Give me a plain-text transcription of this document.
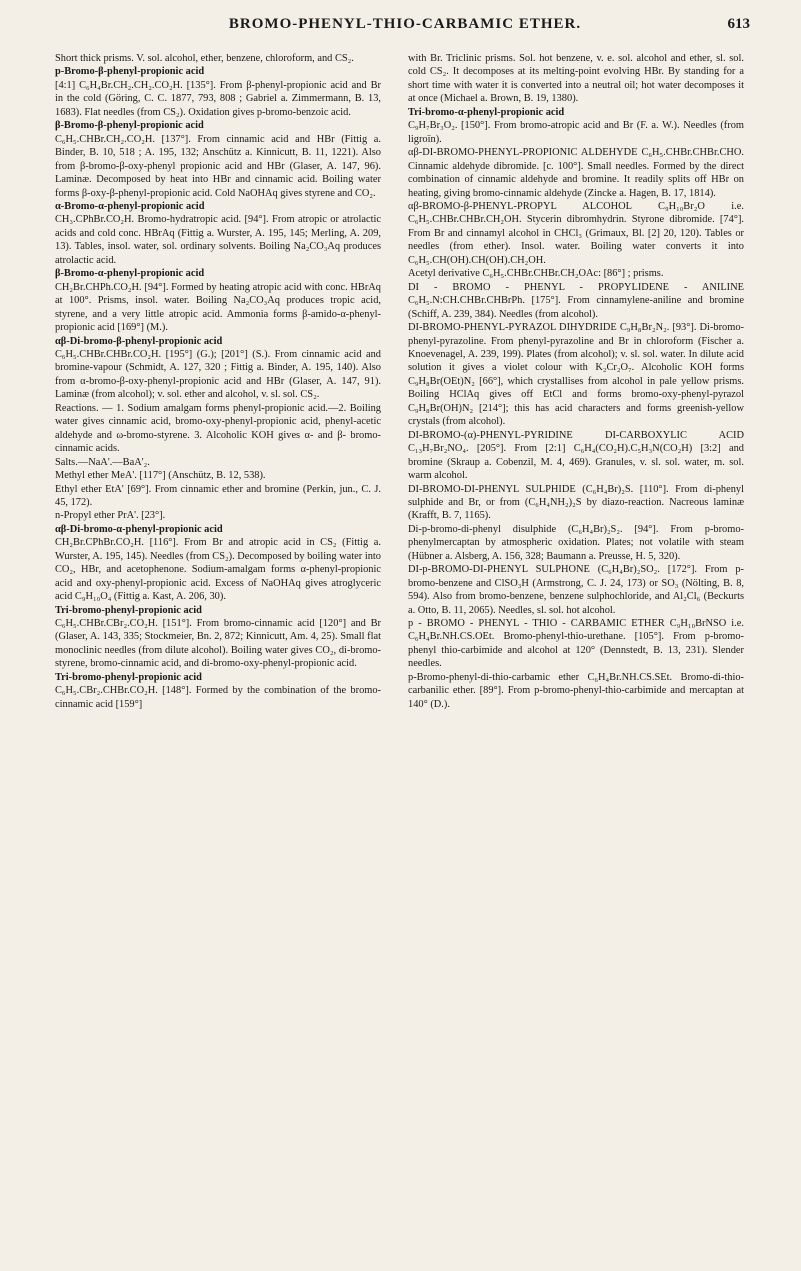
BROMO-PHENYL-THIO-CARBAMIC ETHER.	613

Short thick prisms. V. sol. alcohol, ether, benzene, chloroform, and CS₂.

p-Bromo-β-phenyl-propionic acid

[4:1] C₆H₄Br.CH₂.CH₂.CO₂H. [135°]. From β-phenyl-propionic acid and Br in the cold (Göring, C. C. 1877, 793, 808 ; Gabriel a. Zimmermann, B. 13, 1683). Flat needles (from CS₂). Oxidation gives p-bromo-benzoic acid.

β-Bromo-β-phenyl-propionic acid

C₆H₅.CHBr.CH₂.CO₂H. [137°]. From cinnamic acid and HBr (Fittig a. Binder, B. 10, 518 ; A. 195, 132; Anschütz a. Kinnicutt, B. 11, 1221). Also from β-bromo-β-oxy-phenyl propionic acid and HBr (Glaser, A. 147, 96). Laminæ. Decomposed by heat into HBr and cinnamic acid. Boiling water forms β-oxy-β-phenyl-propionic acid. Cold NaOHAq gives styrene and CO₂.

α-Bromo-α-phenyl-propionic acid

CH₃.CPhBr.CO₂H. Bromo-hydratropic acid. [94°]. From atropic or atrolactic acids and cold conc. HBrAq (Fittig a. Wurster, A. 195, 145; Merling, A. 209, 13). Tables, insol. water, sol. ordinary solvents. Boiling Na₂CO₃Aq produces atrolactic acid.

β-Bromo-α-phenyl-propionic acid

CH₂Br.CHPh.CO₂H. [94°]. Formed by heating atropic acid with conc. HBrAq at 100°. Prisms, insol. water. Boiling Na₂CO₃Aq produces tropic acid, styrene, and a very little atropic acid. Ammonia forms β-amido-α-phenyl-propionic acid [169°] (M.).

αβ-Di-bromo-β-phenyl-propionic acid

C₆H₅.CHBr.CHBr.CO₂H. [195°] (G.); [201°] (S.). From cinnamic acid and bromine-vapour (Schmidt, A. 127, 320 ; Fittig a. Binder, A. 195, 140). Also from α-bromo-β-oxy-phenyl-propionic acid and HBr (Glaser, A. 147, 91). Laminæ (from alcohol); v. sol. ether and alcohol, v. sl. sol. CS₂.

Reactions. — 1. Sodium amalgam forms phenyl-propionic acid.—2. Boiling water gives cinnamic acid, bromo-oxy-phenyl-propionic acid, phenyl-acetic aldehyde and ω-bromo-styrene. 3. Alcoholic KOH gives α- and β- bromo-cinnamic acids.

Salts.—NaA'.—BaA'₂.

Methyl ether MeA'. [117°] (Anschütz, B. 12, 538).

Ethyl ether EtA' [69°]. From cinnamic ether and bromine (Perkin, jun., C. J. 45, 172).

n-Propyl ether PrA'. [23°].

αβ-Di-bromo-α-phenyl-propionic acid

CH₂Br.CPhBr.CO₂H. [116°]. From Br and atropic acid in CS₂ (Fittig a. Wurster, A. 195, 145). Needles (from CS₂). Decomposed by boiling water into CO₂, HBr, and acetophenone. Sodium-amalgam forms α-phenyl-propionic acid and oxy-phenyl-propionic acid. Excess of NaOHAq gives atroglyceric acid C₉H₁₀O₄ (Fittig a. Kast, A. 206, 30).

Tri-bromo-phenyl-propionic acid

C₆H₅.CHBr.CBr₂.CO₂H. [151°]. From bromo-cinnamic acid [120°] and Br (Glaser, A. 143, 335; Stockmeier, Bn. 2, 872; Kinnicutt, Am. 4, 25). Small flat monoclinic needles (from dilute alcohol). Boiling water gives CO₂, di-bromo-styrene, bromo-cinnamic acid, and di-bromo-oxy-phenyl-propionic acid.

Tri-bromo-phenyl-propionic acid

C₆H₅.CBr₂.CHBr.CO₂H. [148°]. Formed by the combination of the bromo-cinnamic acid [159°]

with Br. Triclinic prisms. Sol. hot benzene, v. e. sol. alcohol and ether, sl. sol. cold CS₂. It decomposes at its melting-point evolving HBr. By standing for a short time with water it is converted into a neutral oil; hot water decomposes it at once (Michael a. Brown, B. 19, 1380).

Tri-bromo-α-phenyl-propionic acid

C₉H₇Br₃O₂. [150°]. From bromo-atropic acid and Br (F. a. W.). Needles (from ligroïn).

αβ-DI-BROMO-PHENYL-PROPIONIC ALDEHYDE C₆H₅.CHBr.CHBr.CHO. Cinnamic aldehyde dibromide. [c. 100°]. Small needles. Formed by the direct combination of cinnamic aldehyde and bromine. It readily splits off HBr on heating, giving bromo-cinnamic aldehyde (Zincke a. Hagen, B. 17, 1814).

αβ-BROMO-β-PHENYL-PROPYL ALCOHOL C₉H₁₀Br₂O i.e. C₆H₅.CHBr.CHBr.CH₂OH. Stycerin dibromhydrin. Styrone dibromide. [74°]. From Br and cinnamyl alcohol in CHCl₃ (Grimaux, Bl. [2] 20, 120). Tables or needles (from ether). Insol. water. Boiling water converts it into C₆H₅.CH(OH).CH(OH).CH₂OH.

Acetyl derivative C₆H₅.CHBr.CHBr.CH₂OAc: [86°] ; prisms.

DI - BROMO - PHENYL - PROPYLIDENE - ANILINE C₆H₅.N:CH.CHBr.CHBrPh. [175°]. From cinnamylene-aniline and bromine (Schiff, A. 239, 384). Needles (from alcohol).

DI-BROMO-PHENYL-PYRAZOL DIHYDRIDE C₉H₈Br₂N₂. [93°]. Di-bromo-phenyl-pyrazoline. From phenyl-pyrazoline and Br in chloroform (Fischer a. Knoevenagel, A. 239, 199). Plates (from alcohol); v. sl. sol. water. In dilute acid solution it gives a violet colour with K₂Cr₂O₇. Alcoholic KOH forms C₉H₈Br(OEt)N₂ [66°], which crystallises from alcohol in pale yellow prisms. Boiling HClAq gives off EtCl and forms bromo-oxy-phenyl-pyrazol C₉H₈Br(OH)N₂ [214°]; this has acid characters and forms greenish-yellow crystals (from alcohol).

DI-BROMO-(α)-PHENYL-PYRIDINE DI-CARBOXYLIC ACID C₁₃H₇Br₂NO₄. [205°]. From [2:1] C₆H₄(CO₂H).C₅H₃N(CO₂H) [3:2] and bromine (Skraup a. Cobenzil, M. 4, 469). Granules, v. sl. sol. water, m. sol. warm alcohol.

DI-BROMO-DI-PHENYL SULPHIDE (C₆H₄Br)₂S. [110°]. From di-phenyl sulphide and Br, or from (C₆H₄NH₂)₂S by diazo-reaction. Nacreous laminæ (Krafft, B. 7, 1165).

Di-p-bromo-di-phenyl disulphide (C₆H₄Br)₂S₂. [94°]. From p-bromo-phenylmercaptan by atmospheric oxidation. Plates; not volatile with steam (Hübner a. Alsberg, A. 156, 328; Baumann a. Preusse, H. 5, 320).

DI-p-BROMO-DI-PHENYL SULPHONE (C₆H₄Br)₂SO₂. [172°]. From p-bromo-benzene and ClSO₃H (Armstrong, C. J. 24, 173) or SO₃ (Nölting, B. 8, 594). Also from bromo-benzene, benzene sulphochloride, and Al₂Cl₆ (Beckurts a. Otto, B. 11, 2065). Needles, sl. sol. hot alcohol.

p - BROMO - PHENYL - THIO - CARBAMIC ETHER C₉H₁₀BrNSO i.e. C₆H₄Br.NH.CS.OEt. Bromo-phenyl-thio-urethane. [105°]. From p-bromo-phenyl thio-carbimide and alcohol at 120° (Dennstedt, B. 13, 231). Slender needles.

p-Bromo-phenyl-di-thio-carbamic ether C₆H₄Br.NH.CS.SEt. Bromo-di-thio-carbanilic ether. [89°]. From p-bromo-phenyl-thio-carbimide and mercaptan at 140° (D.).
